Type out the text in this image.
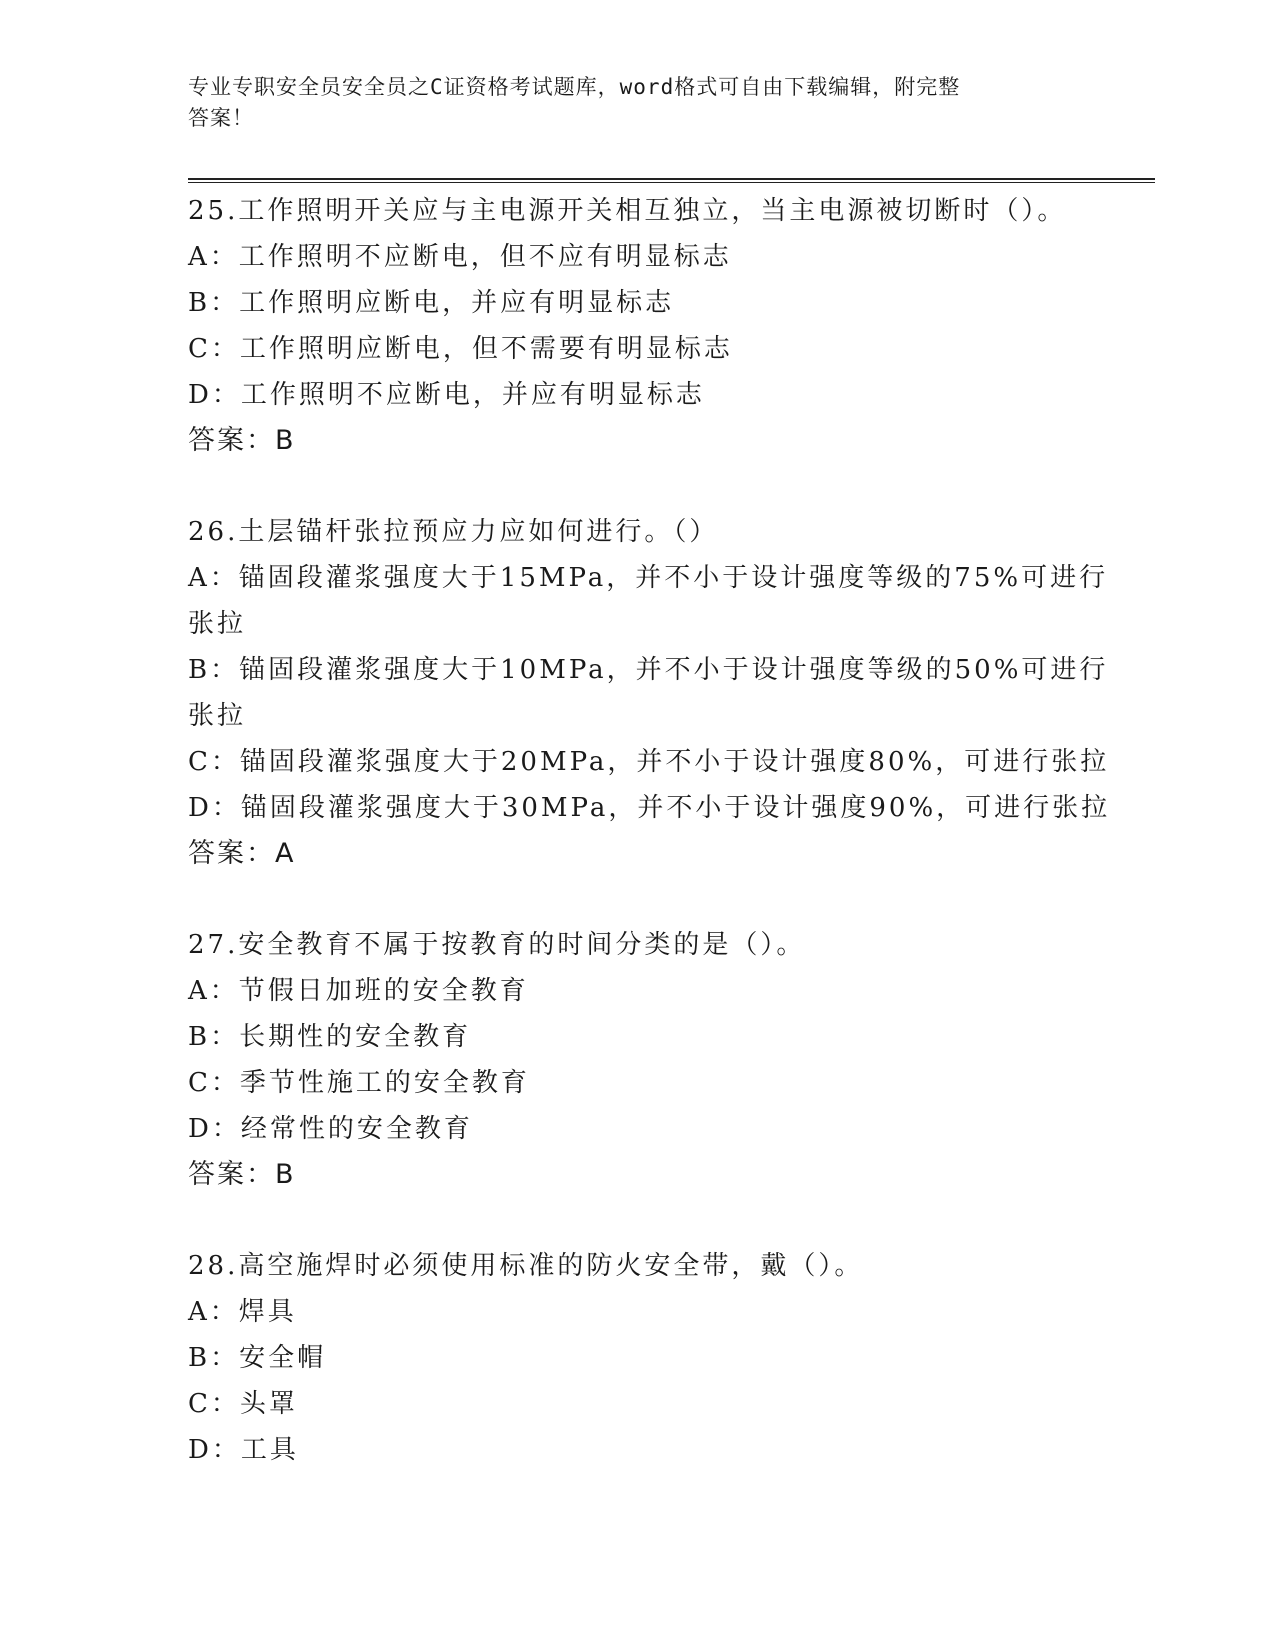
专业专职安全员安全员之C证资格考试题库，word格式可自由下载编辑，附完整
答案！
25.工作照明开关应与主电源开关相互独立，当主电源被切断时（）。
A：工作照明不应断电，但不应有明显标志
B：工作照明应断电，并应有明显标志
C：工作照明应断电，但不需要有明显标志
D：工作照明不应断电，并应有明显标志
答案：B
26.土层锚杆张拉预应力应如何进行。（）
A：锚固段灌浆强度大于15MPa，并不小于设计强度等级的75%可进行
张拉
B：锚固段灌浆强度大于10MPa，并不小于设计强度等级的50%可进行
张拉
C：锚固段灌浆强度大于20MPa，并不小于设计强度80%，可进行张拉
D：锚固段灌浆强度大于30MPa，并不小于设计强度90%，可进行张拉
答案：A
27.安全教育不属于按教育的时间分类的是（）。
A：节假日加班的安全教育
B：长期性的安全教育
C：季节性施工的安全教育
D：经常性的安全教育
答案：B
28.高空施焊时必须使用标准的防火安全带，戴（）。
A：焊具
B：安全帽
C：头罩
D：工具
